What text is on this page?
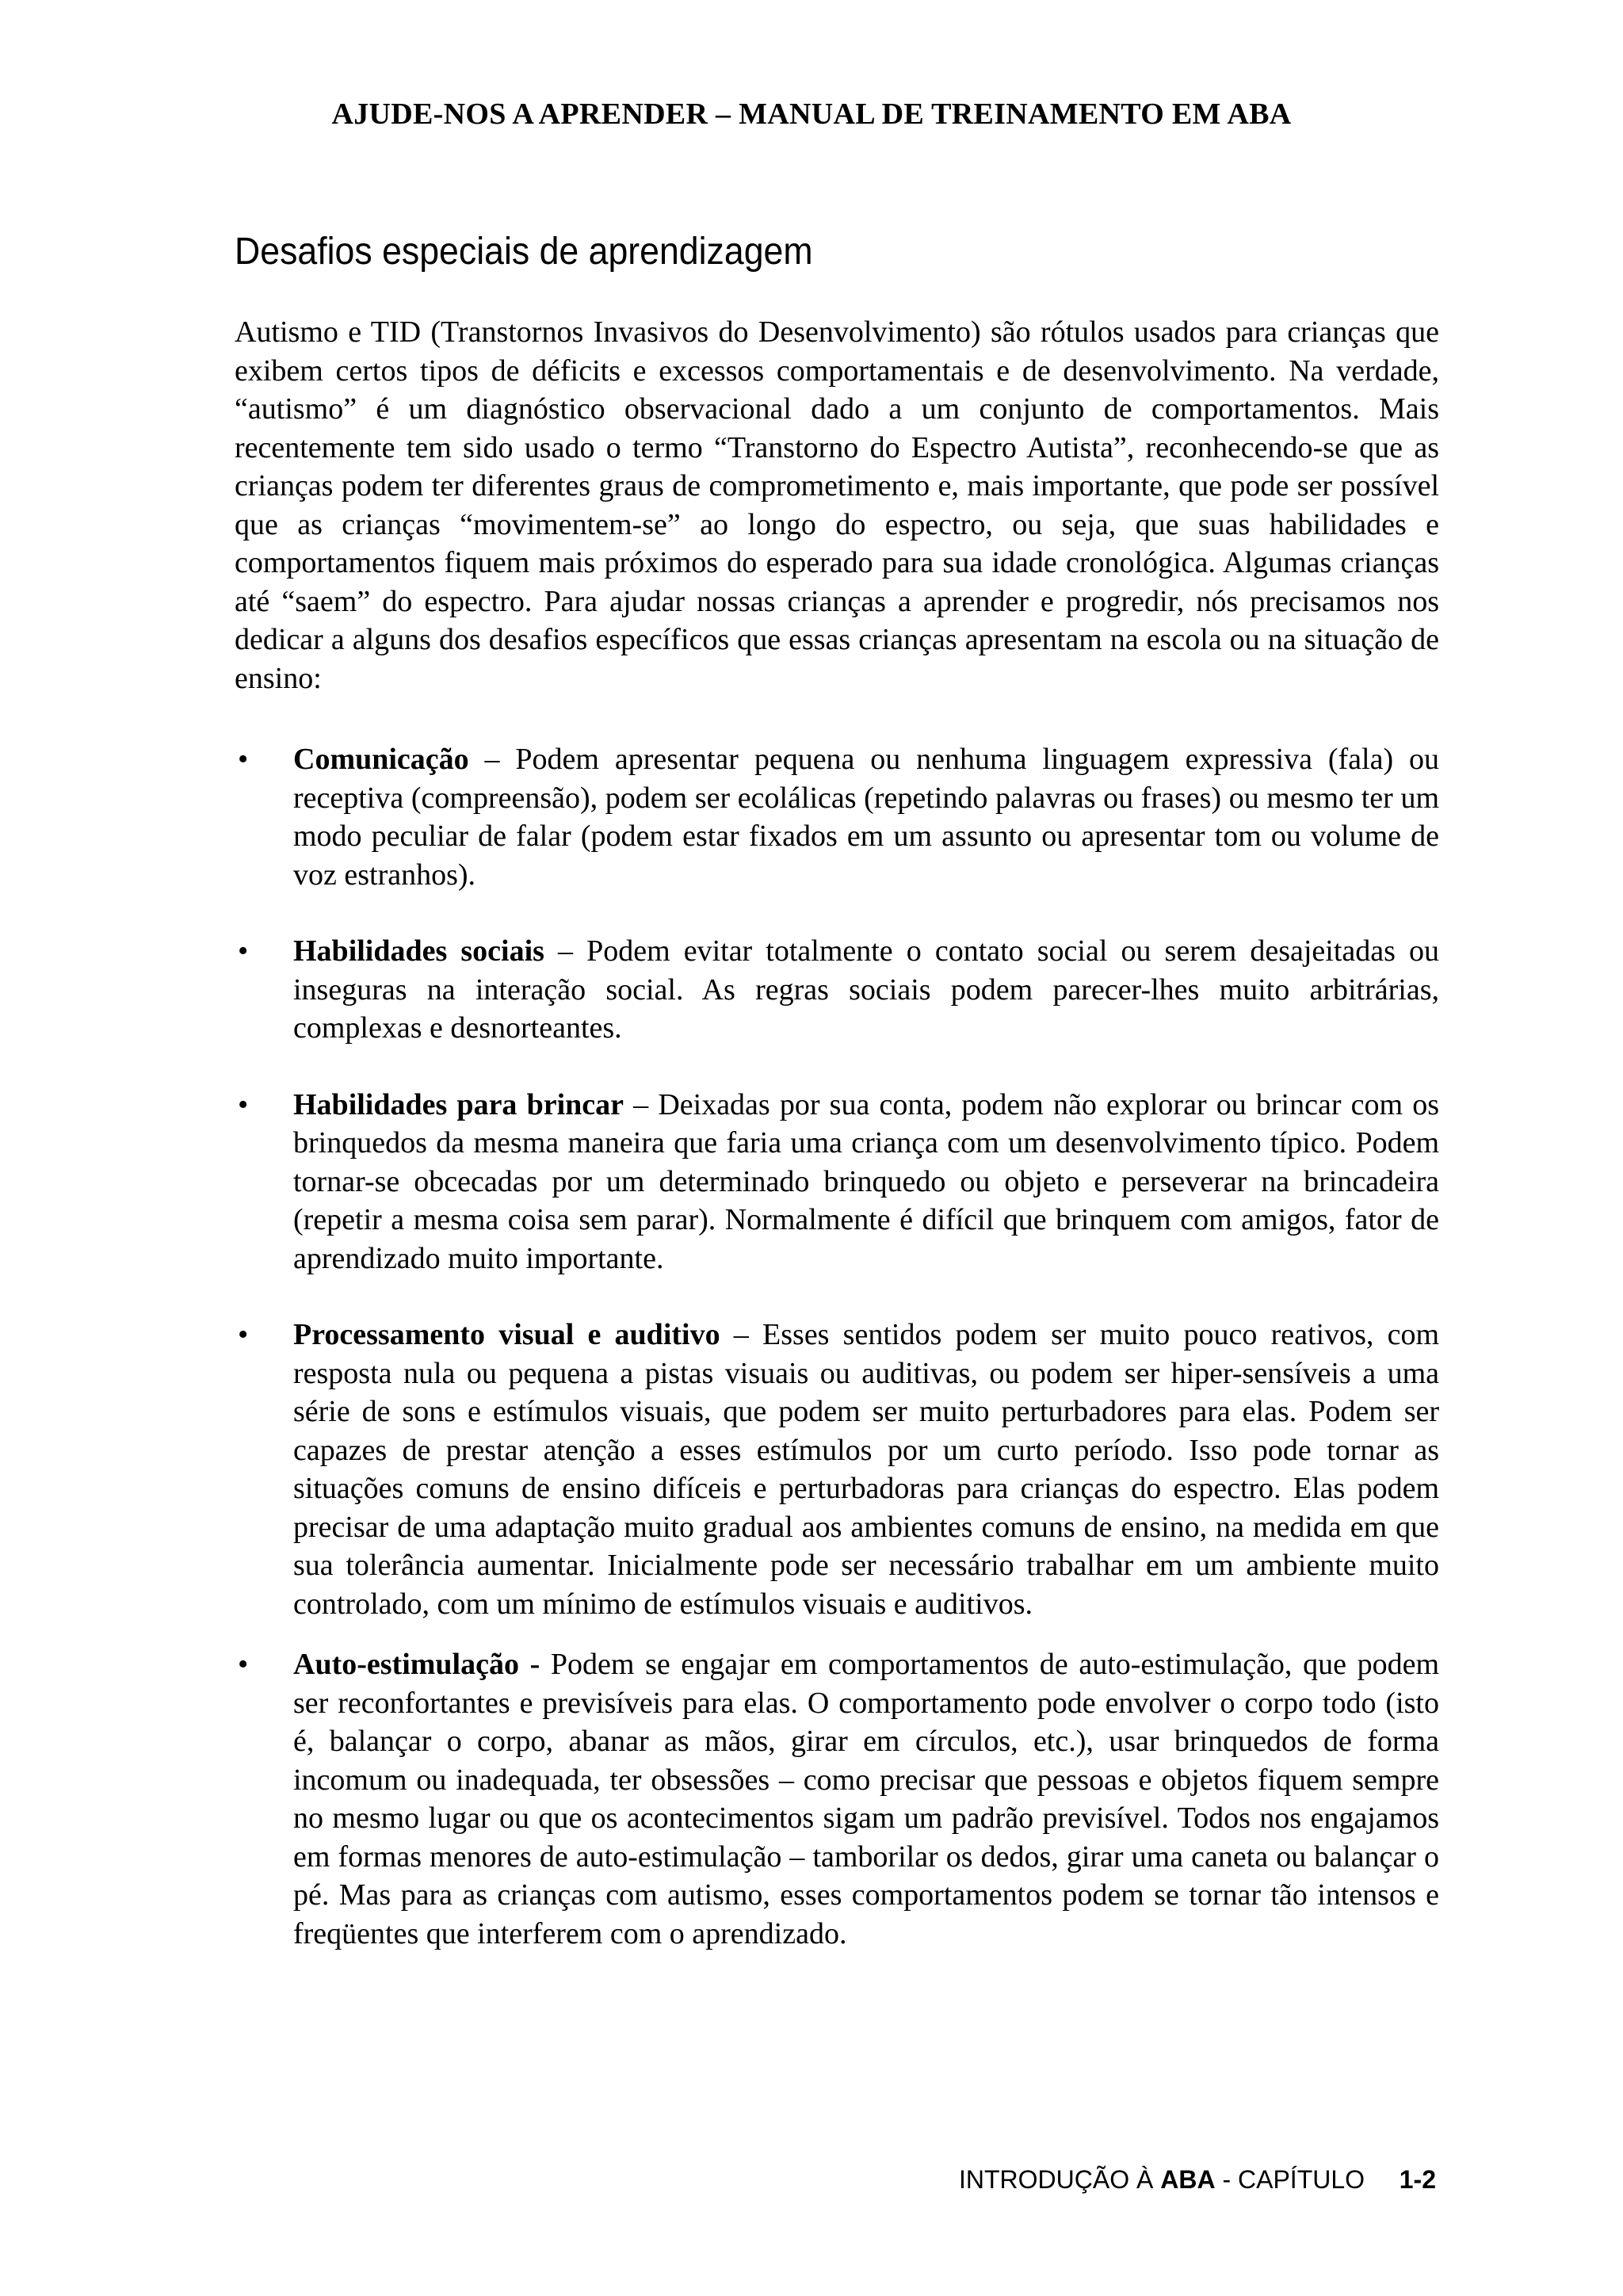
AJUDE-NOS A APRENDER – MANUAL DE TREINAMENTO EM ABA
Desafios especiais de aprendizagem

Autismo e TID (Transtornos Invasivos do Desenvolvimento) são rótulos usados para crianças que exibem certos tipos de déficits e excessos comportamentais e de desenvolvimento. Na verdade, “autismo” é um diagnóstico observacional dado a um conjunto de comportamentos. Mais recentemente tem sido usado o termo “Transtorno do Espectro Autista”, reconhecendo-se que as crianças podem ter diferentes graus de comprometimento e, mais importante, que pode ser possível que as crianças “movimentem-se” ao longo do espectro, ou seja, que suas habilidades e comportamentos fiquem mais próximos do esperado para sua idade cronológica. Algumas crianças até “saem” do espectro. Para ajudar nossas crianças a aprender e progredir, nós precisamos nos dedicar a alguns dos desafios específicos que essas crianças apresentam na escola ou na situação de ensino:

• Comunicação – Podem apresentar pequena ou nenhuma linguagem expressiva (fala) ou receptiva (compreensão), podem ser ecolálicas (repetindo palavras ou frases) ou mesmo ter um modo peculiar de falar (podem estar fixados em um assunto ou apresentar tom ou volume de voz estranhos).
• Habilidades sociais – Podem evitar totalmente o contato social ou serem desajeitadas ou inseguras na interação social. As regras sociais podem parecer-lhes muito arbitrárias, complexas e desnorteantes.
• Habilidades para brincar – Deixadas por sua conta, podem não explorar ou brincar com os brinquedos da mesma maneira que faria uma criança com um desenvolvimento típico. Podem tornar-se obcecadas por um determinado brinquedo ou objeto e perseverar na brincadeira (repetir a mesma coisa sem parar). Normalmente é difícil que brinquem com amigos, fator de aprendizado muito importante.
• Processamento visual e auditivo – Esses sentidos podem ser muito pouco reativos, com resposta nula ou pequena a pistas visuais ou auditivas, ou podem ser hiper-sensíveis a uma série de sons e estímulos visuais, que podem ser muito perturbadores para elas. Podem ser capazes de prestar atenção a esses estímulos por um curto período. Isso pode tornar as situações comuns de ensino difíceis e perturbadoras para crianças do espectro. Elas podem precisar de uma adaptação muito gradual aos ambientes comuns de ensino, na medida em que sua tolerância aumentar. Inicialmente pode ser necessário trabalhar em um ambiente muito controlado, com um mínimo de estímulos visuais e auditivos.
• Auto-estimulação - Podem se engajar em comportamentos de auto-estimulação, que podem ser reconfortantes e previsíveis para elas. O comportamento pode envolver o corpo todo (isto é, balançar o corpo, abanar as mãos, girar em círculos, etc.), usar brinquedos de forma incomum ou inadequada, ter obsessões – como precisar que pessoas e objetos fiquem sempre no mesmo lugar ou que os acontecimentos sigam um padrão previsível. Todos nos engajamos em formas menores de auto-estimulação – tamborilar os dedos, girar uma caneta ou balançar o pé. Mas para as crianças com autismo, esses comportamentos podem se tornar tão intensos e freqüentes que interferem com o aprendizado.
INTRODUÇÃO À ABA - CAPÍTULO 1-2
